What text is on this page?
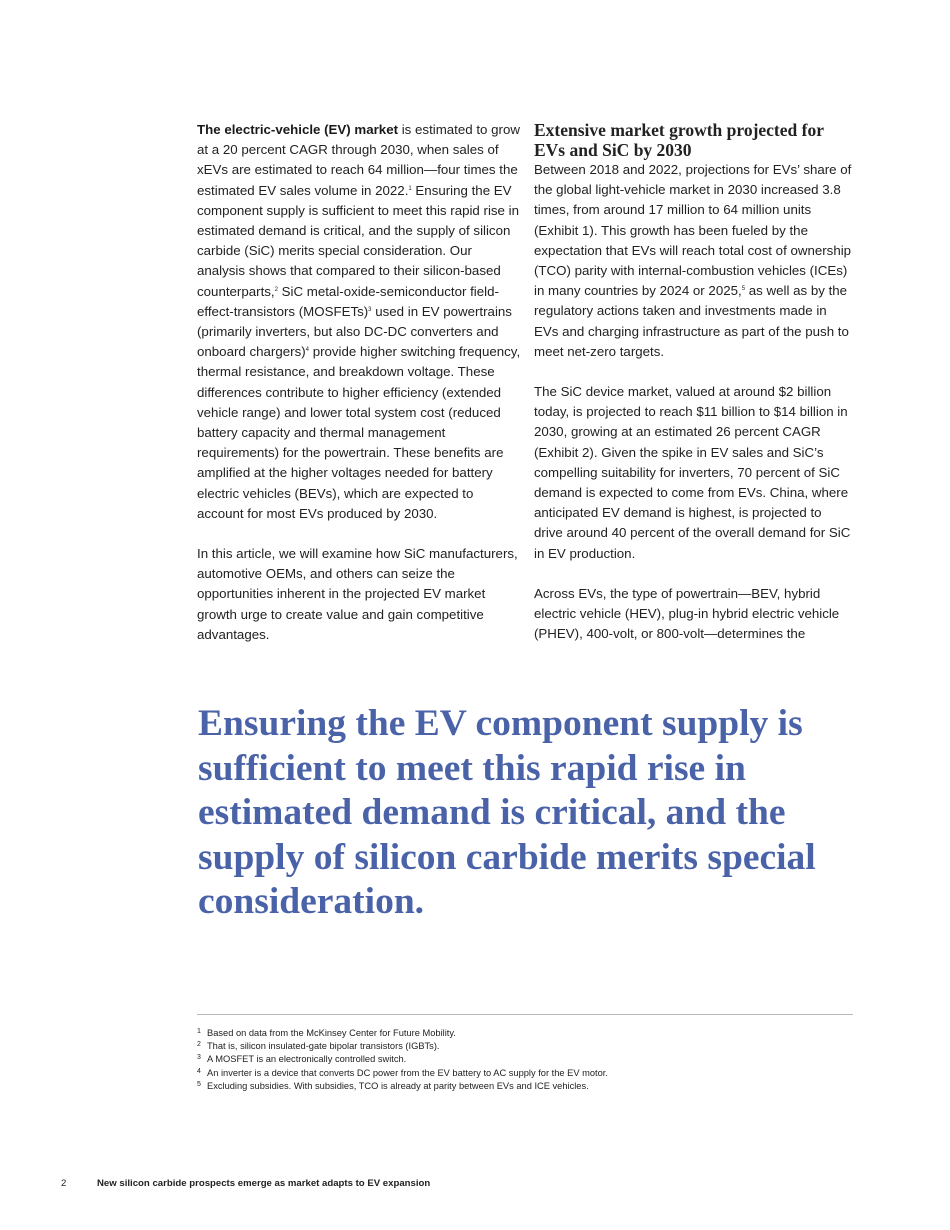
The electric-vehicle (EV) market is estimated to grow at a 20 percent CAGR through 2030, when sales of xEVs are estimated to reach 64 million—four times the estimated EV sales volume in 2022.$^1$ Ensuring the EV component supply is sufficient to meet this rapid rise in estimated demand is critical, and the supply of silicon carbide (SiC) merits special consideration. Our analysis shows that compared to their silicon-based counterparts,$^2$ SiC metal-oxide-semiconductor field-effect-transistors (MOSFETs)$^3$ used in EV powertrains (primarily inverters, but also DC-DC converters and onboard chargers)$^4$ provide higher switching frequency, thermal resistance, and breakdown voltage. These differences contribute to higher efficiency (extended vehicle range) and lower total system cost (reduced battery capacity and thermal management requirements) for the powertrain. These benefits are amplified at the higher voltages needed for battery electric vehicles (BEVs), which are expected to account for most EVs produced by 2030.

In this article, we will examine how SiC manufacturers, automotive OEMs, and others can seize the opportunities inherent in the projected EV market growth urge to create value and gain competitive advantages.

Extensive market growth projected for EVs and SiC by 2030

Between 2018 and 2022, projections for EVs’ share of the global light-vehicle market in 2030 increased 3.8 times, from around 17 million to 64 million units (Exhibit 1). This growth has been fueled by the expectation that EVs will reach total cost of ownership (TCO) parity with internal-combustion vehicles (ICEs) in many countries by 2024 or 2025,$^5$ as well as by the regulatory actions taken and investments made in EVs and charging infrastructure as part of the push to meet net-zero targets.

The SiC device market, valued at around $2 billion today, is projected to reach $11 billion to $14 billion in 2030, growing at an estimated 26 percent CAGR (Exhibit 2). Given the spike in EV sales and SiC’s compelling suitability for inverters, 70 percent of SiC demand is expected to come from EVs. China, where anticipated EV demand is highest, is projected to drive around 40 percent of the overall demand for SiC in EV production.

Across EVs, the type of powertrain—BEV, hybrid electric vehicle (HEV), plug-in hybrid electric vehicle (PHEV), 400-volt, or 800-volt—determines the

Ensuring the EV component supply is sufficient to meet this rapid rise in estimated demand is critical, and the supply of silicon carbide merits special consideration.

1 Based on data from the McKinsey Center for Future Mobility.
2 That is, silicon insulated-gate bipolar transistors (IGBTs).
3 A MOSFET is an electronically controlled switch.
4 An inverter is a device that converts DC power from the EV battery to AC supply for the EV motor.
5 Excluding subsidies. With subsidies, TCO is already at parity between EVs and ICE vehicles.
2	New silicon carbide prospects emerge as market adapts to EV expansion
